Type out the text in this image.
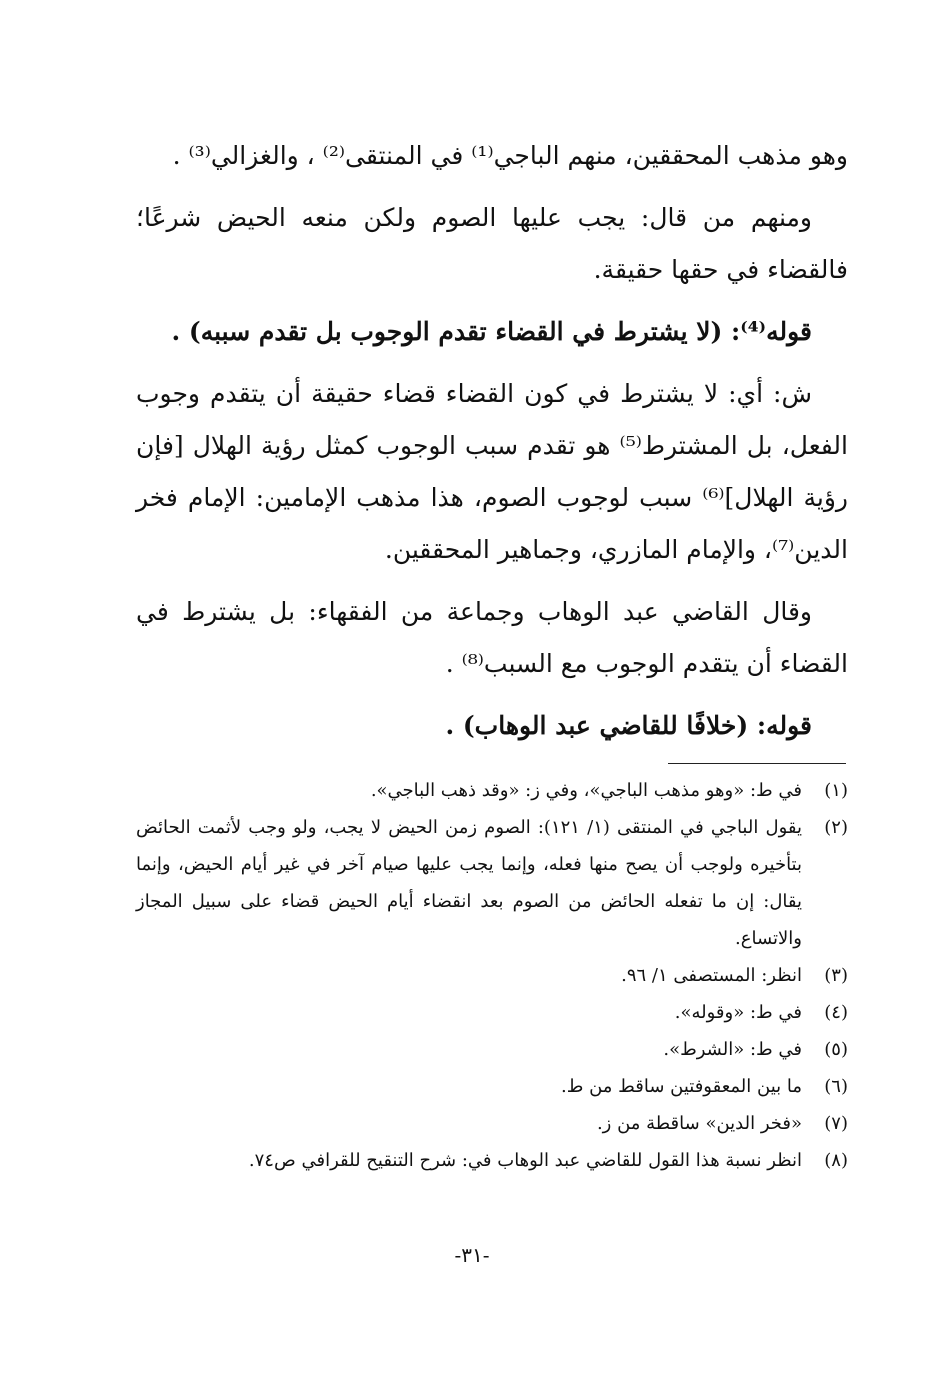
وهو مذهب المحققين، منهم الباجي⁽¹⁾ في المنتقى⁽²⁾ ، والغزالي⁽³⁾ .

ومنهم من قال: يجب عليها الصوم ولكن منعه الحيض شرعًا؛ فالقضاء في حقها حقيقة.

قوله⁽⁴⁾: (لا يشترط في القضاء تقدم الوجوب بل تقدم سببه) .

ش: أي: لا يشترط في كون القضاء قضاء حقيقة أن يتقدم وجوب الفعل، بل المشترط⁽⁵⁾ هو تقدم سبب الوجوب كمثل رؤية الهلال [فإن رؤية الهلال]⁽⁶⁾ سبب لوجوب الصوم، هذا مذهب الإمامين: الإمام فخر الدين⁽⁷⁾، والإمام المازري، وجماهير المحققين.

وقال القاضي عبد الوهاب وجماعة من الفقهاء: بل يشترط في القضاء أن يتقدم الوجوب مع السبب⁽⁸⁾ .

قوله: (خلافًا للقاضي عبد الوهاب) .

(١)
في ط: «وهو مذهب الباجي»، وفي ز: «وقد ذهب الباجي».
(٢)
يقول الباجي في المنتقى (١/ ١٢١): الصوم زمن الحيض لا يجب، ولو وجب لأثمت الحائض بتأخيره ولوجب أن يصح منها فعله، وإنما يجب عليها صيام آخر في غير أيام الحيض، وإنما يقال: إن ما تفعله الحائض من الصوم بعد انقضاء أيام الحيض قضاء على سبيل المجاز والاتساع.
(٣)
انظر: المستصفى ١/ ٩٦.
(٤)
في ط: «وقوله».
(٥)
في ط: «الشرط».
(٦)
ما بين المعقوفتين ساقط من ط.
(٧)
«فخر الدين» ساقطة من ز.
(٨)
انظر نسبة هذا القول للقاضي عبد الوهاب في: شرح التنقيح للقرافي ص٧٤.
-٣١-
